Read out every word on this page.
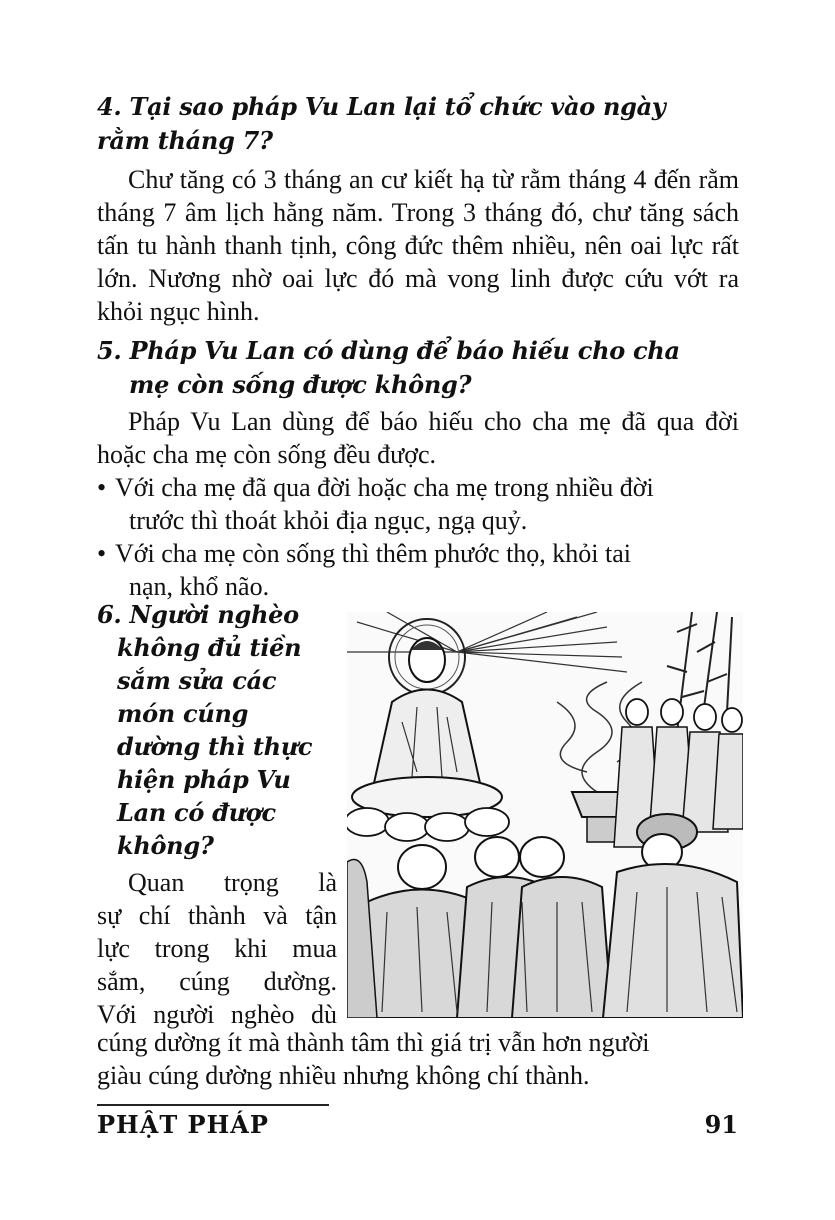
4. Tại sao pháp Vu Lan lại tổ chức vào ngày
rằm tháng 7?

Chư tăng có 3 tháng an cư kiết hạ từ rằm tháng 4 đến rằm tháng 7 âm lịch hằng năm. Trong 3 tháng đó, chư tăng sách tấn tu hành thanh tịnh, công đức thêm nhiều, nên oai lực rất lớn. Nương nhờ oai lực đó mà vong linh được cứu vớt ra khỏi ngục hình.

5. Pháp Vu Lan có dùng để báo hiếu cho cha
mẹ còn sống được không?

Pháp Vu Lan dùng để báo hiếu cho cha mẹ đã qua đời hoặc cha mẹ còn sống đều được.

• Với cha mẹ đã qua đời hoặc cha mẹ trong nhiều đời
trước thì thoát khỏi địa ngục, ngạ quỷ.
• Với cha mẹ còn sống thì thêm phước thọ, khỏi tai
nạn, khổ não.
6. Người nghèo
không đủ tiền
sắm sửa các
món cúng
dường thì thực
hiện pháp Vu
Lan có được
không?
Quan trọng là
sự chí thành và tận
lực trong khi mua
sắm, cúng dường.
Với người nghèo dù

cúng dường ít mà thành tâm thì giá trị vẫn hơn người
giàu cúng dường nhiều nhưng không chí thành.

PHẬT PHÁP	91
